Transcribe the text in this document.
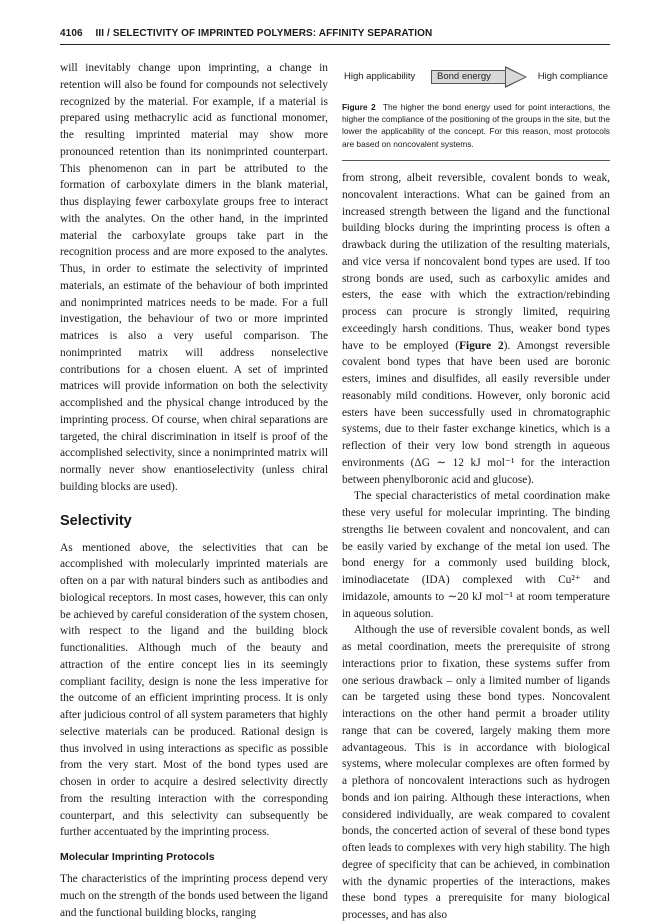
4106 III / SELECTIVITY OF IMPRINTED POLYMERS: AFFINITY SEPARATION

will inevitably change upon imprinting, a change in retention will also be found for compounds not selectively recognized by the material. For example, if a material is prepared using methacrylic acid as functional monomer, the resulting imprinted material may show more pronounced retention than its nonimprinted counterpart. This phenomenon can in part be attributed to the formation of carboxylate dimers in the blank material, thus displaying fewer carboxylate groups free to interact with the analytes. On the other hand, in the imprinted material the carboxylate groups take part in the recognition process and are more exposed to the analytes. Thus, in order to estimate the selectivity of imprinted materials, an estimate of the behaviour of both imprinted and nonimprinted matrices needs to be made. For a full investigation, the behaviour of two or more imprinted matrices is also a very useful comparison. The nonimprinted matrix will address nonselective contributions for a chosen eluent. A set of imprinted matrices will provide information on both the selectivity accomplished and the physical change introduced by the imprinting process. Of course, when chiral separations are targeted, the chiral discrimination in itself is proof of the accomplished selectivity, since a nonimprinted matrix will normally never show enantioselectivity (unless chiral building blocks are used).

Selectivity

As mentioned above, the selectivities that can be accomplished with molecularly imprinted materials are often on a par with natural binders such as antibodies and biological receptors. In most cases, however, this can only be achieved by careful consideration of the system chosen, with respect to the ligand and the building block functionalities. Although much of the beauty and attraction of the entire concept lies in its seemingly compliant facility, design is none the less imperative for the outcome of an efficient imprinting process. It is only after judicious control of all system parameters that highly selective materials can be produced. Rational design is thus involved in using interactions as specific as possible from the very start. Most of the bond types used are chosen in order to acquire a desired selectivity directly from the resulting interaction with the corresponding counterpart, and this selectivity can subsequently be further accentuated by the imprinting process.

Molecular Imprinting Protocols

The characteristics of the imprinting process depend very much on the strength of the bonds used between the ligand and the functional building blocks, ranging

High applicability Bond energy	High compliance
Figure 2 The higher the bond energy used for point interactions, the higher the compliance of the positioning of the groups in the site, but the lower the applicability of the concept. For this reason, most protocols are based on noncovalent systems.

from strong, albeit reversible, covalent bonds to weak, noncovalent interactions. What can be gained from an increased strength between the ligand and the functional building blocks during the imprinting process is often a drawback during the utilization of the resulting materials, and vice versa if noncovalent bond types are used. If too strong bonds are used, such as carboxylic amides and esters, the ease with which the extraction/rebinding process can procure is strongly limited, requiring exceedingly harsh conditions. Thus, weaker bond types have to be employed (Figure 2). Amongst reversible covalent bond types that have been used are boronic esters, imines and disulfides, all easily reversible under reasonably mild conditions. However, only boronic acid esters have been successfully used in chromatographic systems, due to their faster exchange kinetics, which is a reflection of their very low bond strength in aqueous environments (ΔG ∼ 12 kJ mol⁻¹ for the interaction between phenylboronic acid and glucose).

The special characteristics of metal coordination make these very useful for molecular imprinting. The binding strengths lie between covalent and noncovalent, and can be easily varied by exchange of the metal ion used. The bond energy for a commonly used building block, iminodiacetate (IDA) complexed with Cu²⁺ and imidazole, amounts to ∼20 kJ mol⁻¹ at room temperature in aqueous solution.

Although the use of reversible covalent bonds, as well as metal coordination, meets the prerequisite of strong interactions prior to fixation, these systems suffer from one serious drawback – only a limited number of ligands can be targeted using these bond types. Noncovalent interactions on the other hand permit a broader utility range that can be covered, largely making them more advantageous. This is in accordance with biological systems, where molecular complexes are often formed by a plethora of noncovalent interactions such as hydrogen bonds and ion pairing. Although these interactions, when considered individually, are weak compared to covalent bonds, the concerted action of several of these bond types often leads to complexes with very high stability. The high degree of specificity that can be achieved, in combination with the dynamic properties of the interactions, makes these bond types a prerequisite for many biological processes, and has also
